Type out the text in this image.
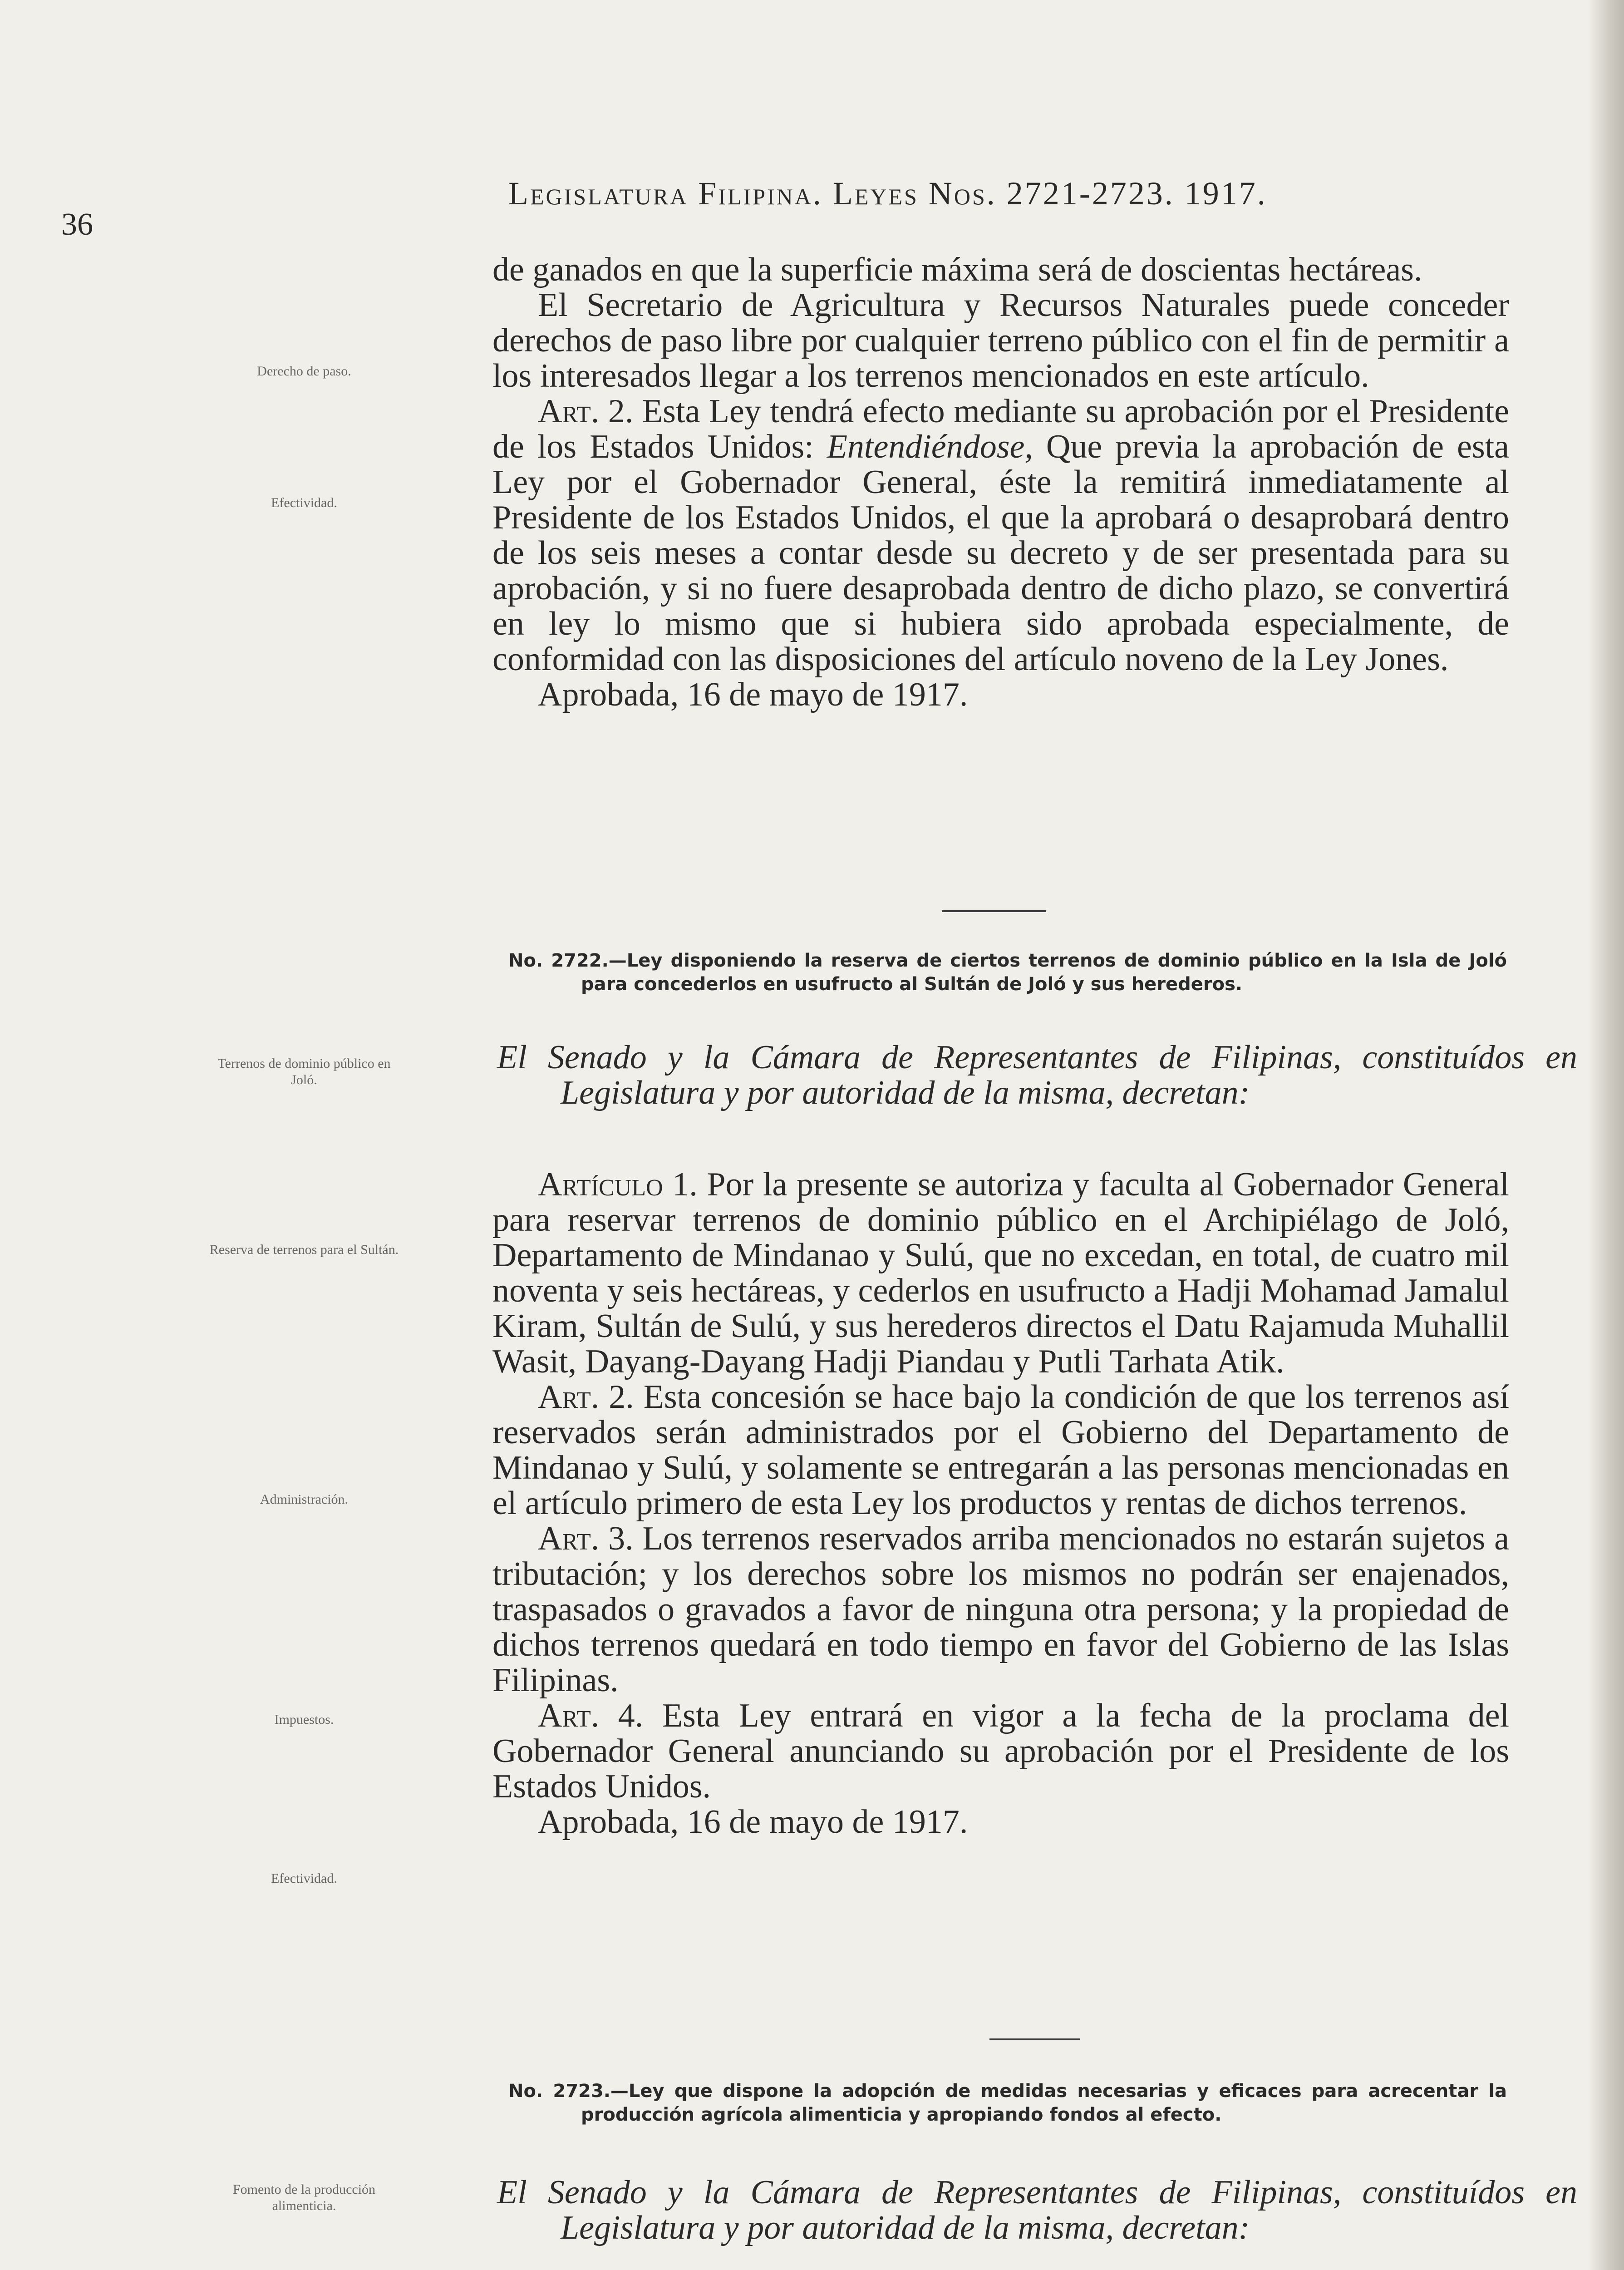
36
Legislatura Filipina. Leyes Nos. 2721-2723. 1917.

de ganados en que la superficie máxima será de doscientas hectáreas.

El Secretario de Agricultura y Recursos Naturales puede conceder derechos de paso libre por cualquier terreno público con el fin de permitir a los interesados llegar a los terrenos mencionados en este artículo.

Art. 2. Esta Ley tendrá efecto mediante su aprobación por el Presidente de los Estados Unidos: Entendiéndose, Que previa la aprobación de esta Ley por el Gobernador General, éste la remitirá inmediatamente al Presidente de los Estados Unidos, el que la aprobará o desaprobará dentro de los seis meses a contar desde su decreto y de ser presentada para su aprobación, y si no fuere desaprobada dentro de dicho plazo, se convertirá en ley lo mismo que si hubiera sido aprobada especialmente, de conformidad con las disposiciones del artículo noveno de la Ley Jones.

Aprobada, 16 de mayo de 1917.

No. 2722.—Ley disponiendo la reserva de ciertos terrenos de dominio público en la Isla de Joló para concederlos en usufructo al Sultán de Joló y sus herederos.
El Senado y la Cámara de Representantes de Filipinas, constituídos en Legislatura y por autoridad de la misma, decretan:

Artículo 1. Por la presente se autoriza y faculta al Gobernador General para reservar terrenos de dominio público en el Archipiélago de Joló, Departamento de Mindanao y Sulú, que no excedan, en total, de cuatro mil noventa y seis hectáreas, y cederlos en usufructo a Hadji Mohamad Jamalul Kiram, Sultán de Sulú, y sus herederos directos el Datu Rajamuda Muhallil Wasit, Dayang-Dayang Hadji Piandau y Putli Tarhata Atik.

Art. 2. Esta concesión se hace bajo la condición de que los terrenos así reservados serán administrados por el Gobierno del Departamento de Mindanao y Sulú, y solamente se entregarán a las personas mencionadas en el artículo primero de esta Ley los productos y rentas de dichos terrenos.

Art. 3. Los terrenos reservados arriba mencionados no estarán sujetos a tributación; y los derechos sobre los mismos no podrán ser enajenados, traspasados o gravados a favor de ninguna otra persona; y la propiedad de dichos terrenos quedará en todo tiempo en favor del Gobierno de las Islas Filipinas.

Art. 4. Esta Ley entrará en vigor a la fecha de la proclama del Gobernador General anunciando su aprobación por el Presidente de los Estados Unidos.

Aprobada, 16 de mayo de 1917.

No. 2723.—Ley que dispone la adopción de medidas necesarias y eficaces para acrecentar la producción agrícola alimenticia y apropiando fondos al efecto.
El Senado y la Cámara de Representantes de Filipinas, constituídos en Legislatura y por autoridad de la misma, decretan:

Derecho de paso.
Efectividad.
Terrenos de dominio público en Joló.
Reserva de terrenos para el Sultán.
Administración.
Impuestos.
Efectividad.
Fomento de la producción alimenticia.
